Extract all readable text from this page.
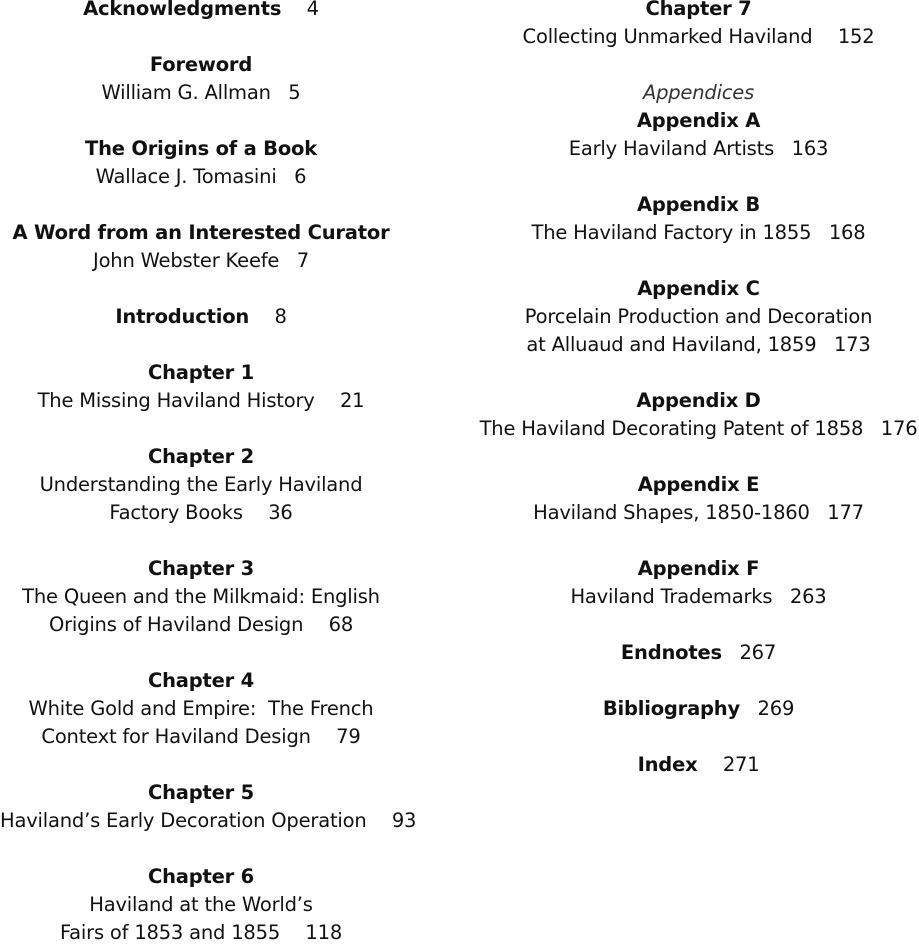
Acknowledgments 4
Foreword
William G. Allman 5
The Origins of a Book
Wallace J. Tomasini 6
A Word from an Interested Curator
John Webster Keefe 7
Introduction 8
Chapter 1
The Missing Haviland History 21
Chapter 2
Understanding the Early Haviland
Factory Books 36
Chapter 3
The Queen and the Milkmaid: English
Origins of Haviland Design 68
Chapter 4
White Gold and Empire:  The French
Context for Haviland Design 79
Chapter 5
Haviland’s Early Decoration Operation 93
Chapter 6
Haviland at the World’s
Fairs of 1853 and 1855 118
Chapter 7
Collecting Unmarked Haviland 152
Appendices
Appendix A
Early Haviland Artists 163
Appendix B
The Haviland Factory in 1855 168
Appendix C
Porcelain Production and Decoration
at Alluaud and Haviland, 1859 173
Appendix D
The Haviland Decorating Patent of 1858 176
Appendix E
Haviland Shapes, 1850-1860 177
Appendix F
Haviland Trademarks 263
Endnotes 267
Bibliography 269
Index 271
